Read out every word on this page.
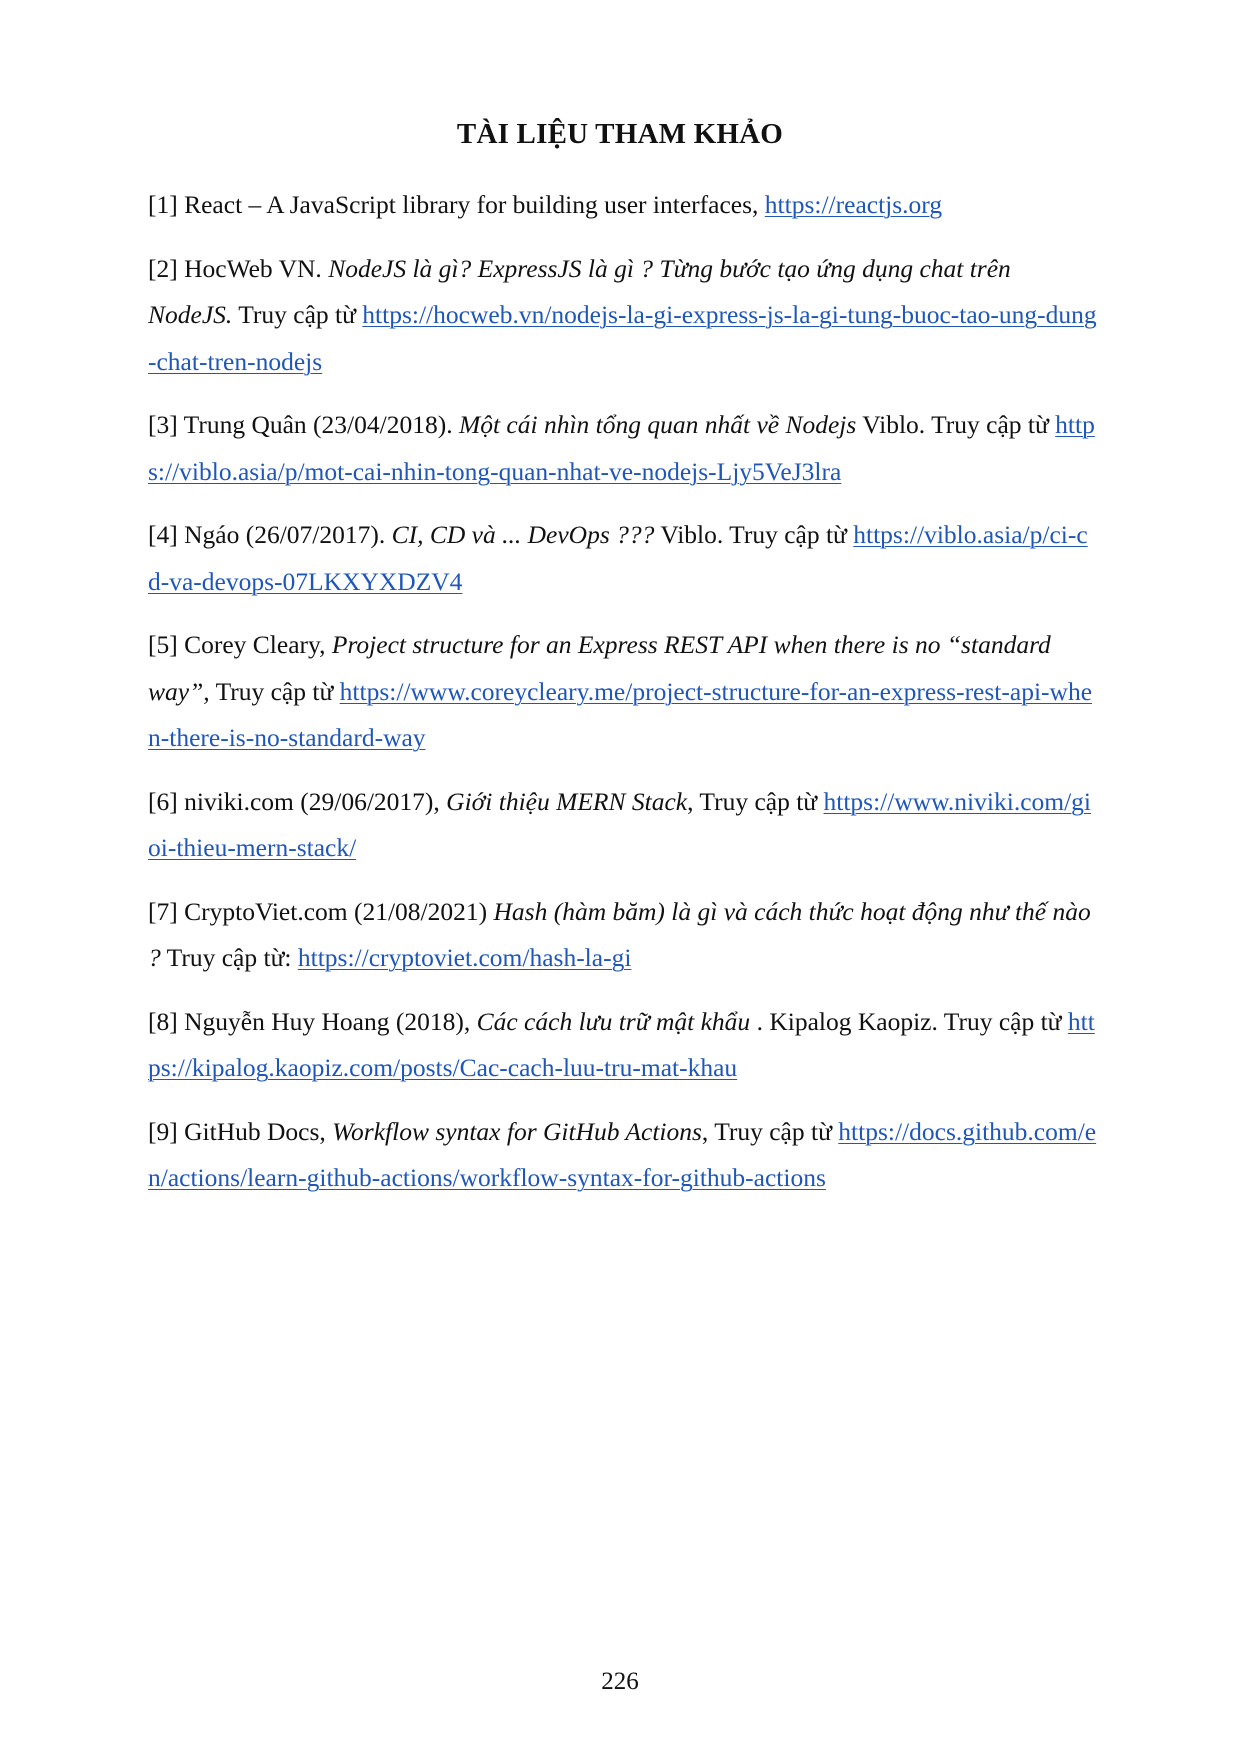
TÀI LIỆU THAM KHẢO
[1] React – A JavaScript library for building user interfaces, https://reactjs.org
[2] HocWeb VN. NodeJS là gì? ExpressJS là gì ? Từng bước tạo ứng dụng chat trên NodeJS. Truy cập từ https://hocweb.vn/nodejs-la-gi-express-js-la-gi-tung-buoc-tao-ung-dung-chat-tren-nodejs
[3] Trung Quân (23/04/2018). Một cái nhìn tổng quan nhất về Nodejs Viblo. Truy cập từ https://viblo.asia/p/mot-cai-nhin-tong-quan-nhat-ve-nodejs-Ljy5VeJ3lra
[4] Ngáo (26/07/2017). CI, CD và ... DevOps ??? Viblo. Truy cập từ https://viblo.asia/p/ci-cd-va-devops-07LKXYXDZV4
[5] Corey Cleary, Project structure for an Express REST API when there is no “standard way”, Truy cập từ https://www.coreycleary.me/project-structure-for-an-express-rest-api-when-there-is-no-standard-way
[6] niviki.com (29/06/2017), Giới thiệu MERN Stack, Truy cập từ https://www.niviki.com/gioi-thieu-mern-stack/
[7] CryptoViet.com (21/08/2021) Hash (hàm băm) là gì và cách thức hoạt động như thế nào ? Truy cập từ: https://cryptoviet.com/hash-la-gi
[8] Nguyễn Huy Hoang (2018), Các cách lưu trữ mật khẩu . Kipalog Kaopiz. Truy cập từ https://kipalog.kaopiz.com/posts/Cac-cach-luu-tru-mat-khau
[9] GitHub Docs, Workflow syntax for GitHub Actions, Truy cập từ https://docs.github.com/en/actions/learn-github-actions/workflow-syntax-for-github-actions
226
